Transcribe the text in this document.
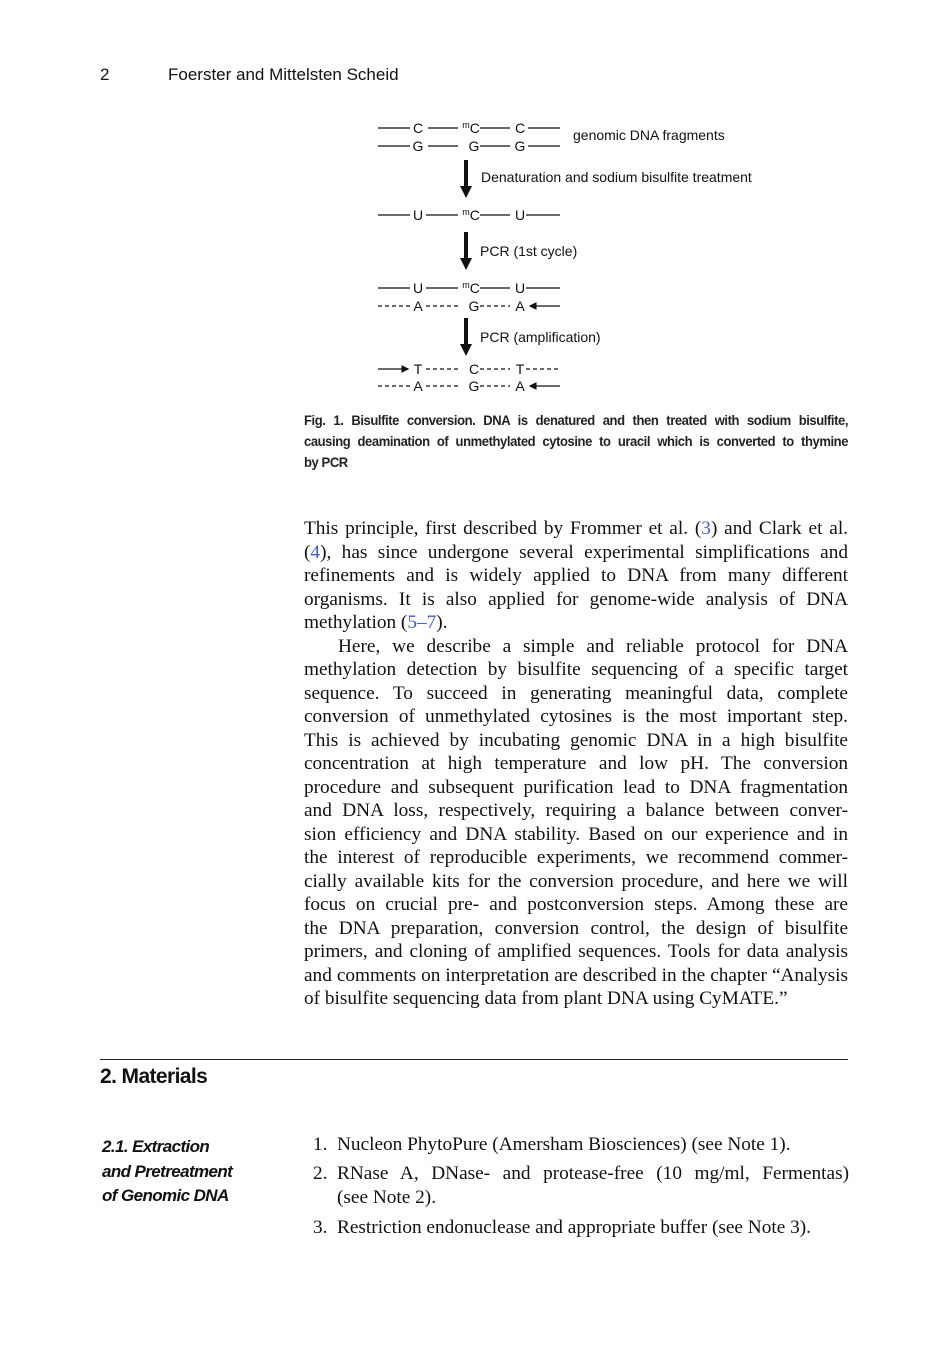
2	Foerster and Mittelsten Scheid
C	$^m$C	C
G	G	G
U	$^m$C	U
U	$^m$C	U
A	G	A
T	C	T
A	G	A
genomic DNA fragments
Denaturation and sodium bisulfite treatment
PCR (1st cycle)
PCR (amplification)
Fig. 1. Bisulfite conversion. DNA is denatured and then treated with sodium bisulfite,
causing deamination of unmethylated cytosine to uracil which is converted to thymine
by PCR
This principle, first described by Frommer et al. (3) and Clark et al.
(4), has since undergone several experimental simplifications and
refinements and is widely applied to DNA from many different
organisms. It is also applied for genome-wide analysis of DNA
methylation (5–7).
Here, we describe a simple and reliable protocol for DNA
methylation detection by bisulfite sequencing of a specific target
sequence. To succeed in generating meaningful data, complete
conversion of unmethylated cytosines is the most important step.
This is achieved by incubating genomic DNA in a high bisulfite
concentration at high temperature and low pH. The conversion
procedure and subsequent purification lead to DNA fragmentation
and DNA loss, respectively, requiring a balance between conver-
sion efficiency and DNA stability. Based on our experience and in
the interest of reproducible experiments, we recommend commer-
cially available kits for the conversion procedure, and here we will
focus on crucial pre- and postconversion steps. Among these are
the DNA preparation, conversion control, the design of bisulfite
primers, and cloning of amplified sequences. Tools for data analysis
and comments on interpretation are described in the chapter “Analysis
of bisulfite sequencing data from plant DNA using CyMATE.”
2. Materials
2.1. Extraction
and Pretreatment
of Genomic DNA
1. Nucleon PhytoPure (Amersham Biosciences) (see Note 1).
2. RNase A, DNase- and protease-free (10 mg/ml, Fermentas)
(see Note 2).
3. Restriction endonuclease and appropriate buffer (see Note 3).
